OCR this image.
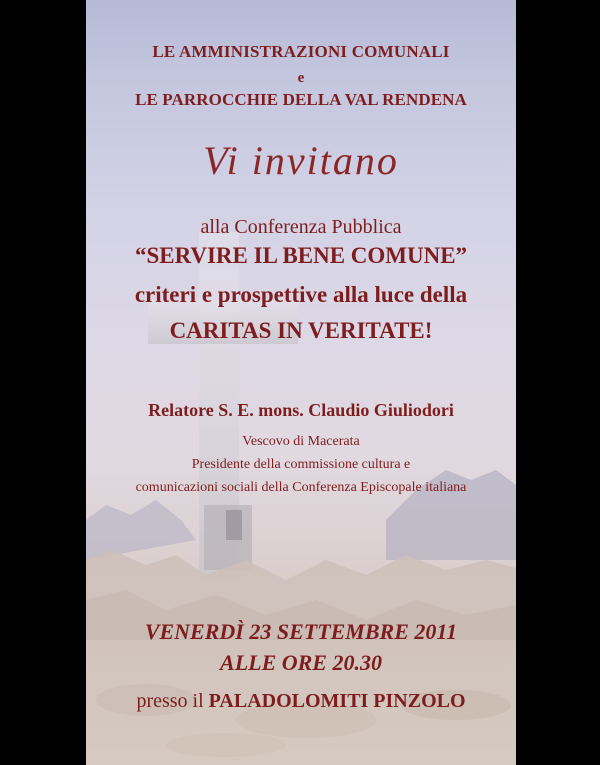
LE AMMINISTRAZIONI COMUNALI

e

LE PARROCCHIE DELLA VAL RENDENA

Vi invitano

alla Conferenza Pubblica

“SERVIRE IL BENE COMUNE”

criteri e prospettive alla luce della

CARITAS IN VERITATE!

Relatore S. E. mons. Claudio Giuliodori

Vescovo di Macerata

Presidente della commissione cultura e

comunicazioni sociali della Conferenza Episcopale italiana

VENERDÌ 23 SETTEMBRE 2011

ALLE ORE 20.30

presso il PALADOLOMITI PINZOLO
